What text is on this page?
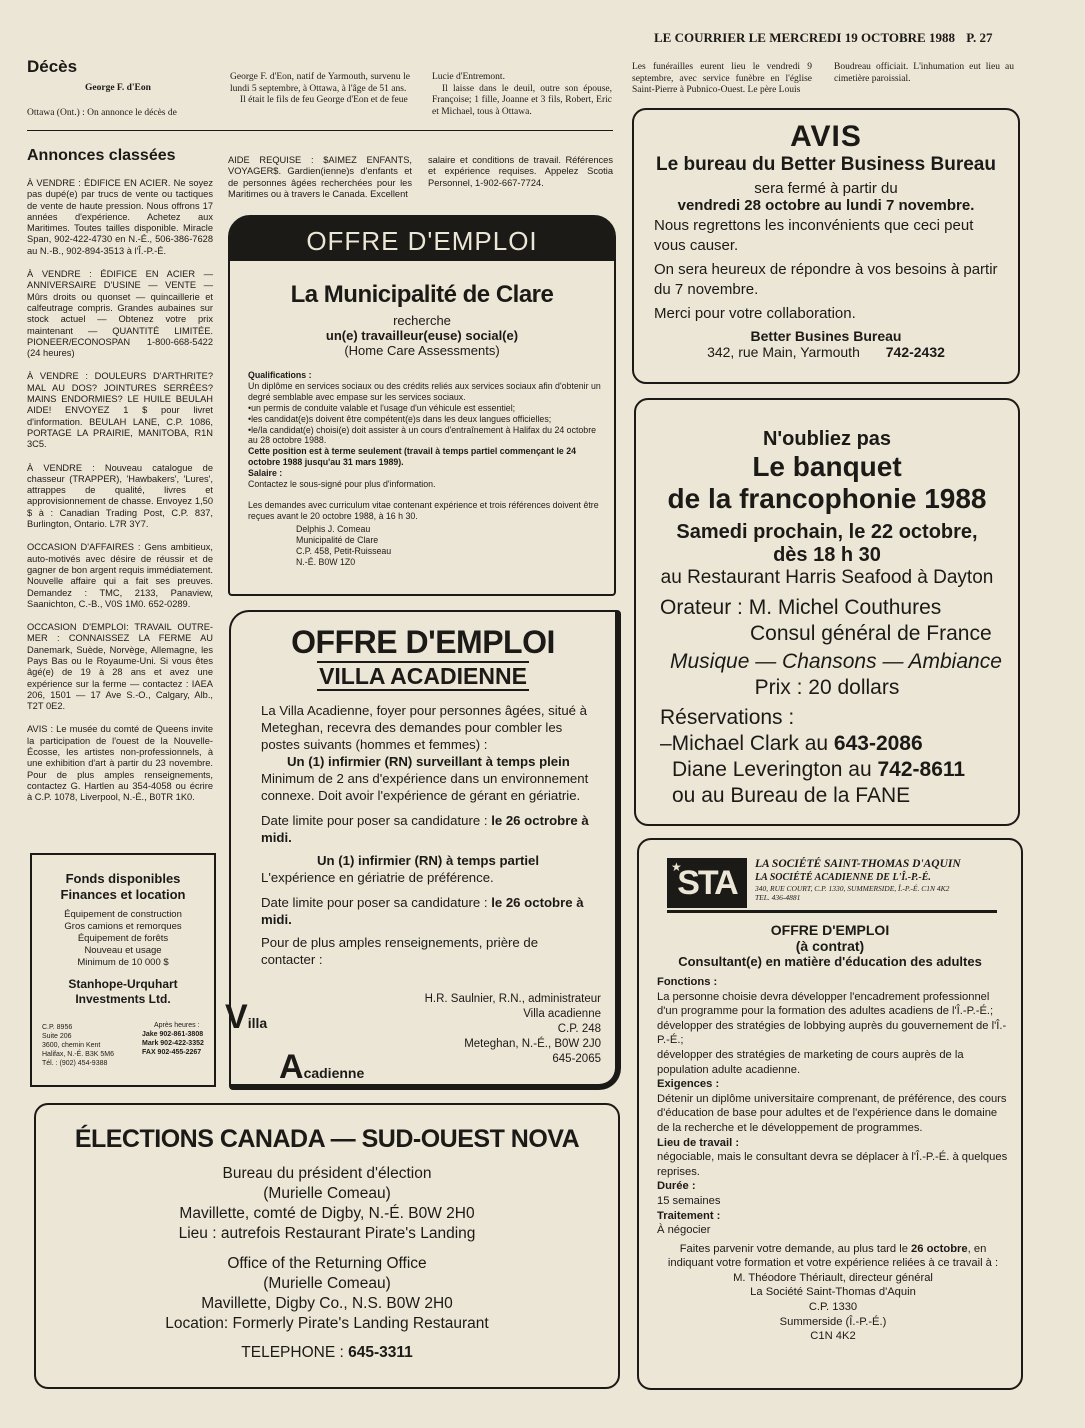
LE COURRIER LE MERCREDI 19 OCTOBRE 1988 P. 27
Décès
George F. d'Eon
Ottawa (Ont.) : On annonce le décès de

George F. d'Eon, natif de Yarmouth, survenu le lundi 5 septembre, à Ottawa, à l'âge de 51 ans.

Il était le fils de feu George d'Eon et de feue

Lucie d'Entremont.

Il laisse dans le deuil, outre son épouse, Françoise; 1 fille, Joanne et 3 fils, Robert, Eric et Michael, tous à Ottawa.

Les funérailles eurent lieu le vendredi 9 septembre, avec service funèbre en l'église Saint-Pierre à Pubnico-Ouest. Le père Louis
Boudreau officiait. L'inhumation eut lieu au cimetière paroissial.
Annonces classées

À VENDRE : ÉDIFICE EN ACIER. Ne soyez pas dupé(e) par trucs de vente ou tactiques de vente de haute pression. Nous offrons 17 années d'expérience. Achetez aux Maritimes. Toutes tailles disponible. Miracle Span, 902-422-4730 en N.-É., 506-386-7628 au N.-B., 902-894-3513 à l'Î.-P.-É.

À VENDRE : ÉDIFICE EN ACIER — ANNIVERSAIRE D'USINE — VENTE — Mûrs droits ou quonset — quincaillerie et calfeutrage compris. Grandes aubaines sur stock actuel — Obtenez votre prix maintenant — QUANTITÉ LIMITÉE. PIONEER/ECONOSPAN 1-800-668-5422 (24 heures)

À VENDRE : DOULEURS D'ARTHRITE? MAL AU DOS? JOINTURES SERRÉES? MAINS ENDORMIES? LE HUILE BEULAH AIDE! ENVOYEZ 1 $ pour livret d'information. BEULAH LANE, C.P. 1086, PORTAGE LA PRAIRIE, MANITOBA, R1N 3C5.

À VENDRE : Nouveau catalogue de chasseur (TRAPPER), 'Hawbakers', 'Lures', attrappes de qualité, livres et approvisionnement de chasse. Envoyez 1,50 $ à : Canadian Trading Post, C.P. 837, Burlington, Ontario. L7R 3Y7.

OCCASION D'AFFAIRES : Gens ambitieux, auto-motivés avec désire de réussir et de gagner de bon argent requis immédiatement. Nouvelle affaire qui a fait ses preuves. Demandez : TMC, 2133, Panaview, Saanichton, C.-B., V0S 1M0. 652-0289.

OCCASION D'EMPLOI: TRAVAIL OUTRE-MER : CONNAISSEZ LA FERME AU Danemark, Suède, Norvège, Allemagne, les Pays Bas ou le Royaume-Uni. Si vous êtes âgé(e) de 19 à 28 ans et avez une expérience sur la ferme — contactez : IAEA 206, 1501 — 17 Ave S.-O., Calgary, Alb., T2T 0E2.

AVIS : Le musée du comté de Queens invite la participation de l'ouest de la Nouvelle-Écosse, les artistes non-professionnels, à une exhibition d'art à partir du 23 novembre. Pour de plus amples renseignements, contactez G. Hartlen au 354-4058 ou écrire à C.P. 1078, Liverpool, N.-É., B0TR 1K0.

AIDE REQUISE : $AIMEZ ENFANTS, VOYAGER$. Gardien(ienne)s d'enfants et de personnes âgées recherchées pour les Maritimes ou à travers le Canada. Excellent
salaire et conditions de travail. Références et expérience requises. Appelez Scotia Personnel, 1-902-667-7724.
Fonds disponibles
Finances et location
Équipement de construction
Gros camions et remorques
Équipement de forêts
Nouveau et usage
Minimum de 10 000 $
Stanhope-Urquhart
Investments Ltd.
C.P. 8956
Suite 206
3600, chemin Kent
Halifax, N.-É. B3K 5M6
Tél. : (902) 454-9388
Après heures :
Jake 902-861-3808
Mark 902-422-3352
FAX 902-455-2267
OFFRE D'EMPLOI
La Municipalité de Clare
recherche
un(e) travailleur(euse) social(e)
(Home Care Assessments)
Qualifications :
Un diplôme en services sociaux ou des crédits reliés aux services sociaux afin d'obtenir un degré semblable avec empase sur les services sociaux.
•un permis de conduite valable et l'usage d'un véhicule est essentiel;
•les candidat(e)s doivent être compétent(e)s dans les deux langues officielles;
•le/la candidat(e) choisi(e) doit assister à un cours d'entraînement à Halifax du 24 octobre au 28 octobre 1988.
Cette position est à terme seulement (travail à temps partiel commençant le 24 octobre 1988 jusqu'au 31 mars 1989).
Salaire :
Contactez le sous-signé pour plus d'information.
Les demandes avec curriculum vitae contenant expérience et trois références doivent être reçues avant le 20 octobre 1988, à 16 h 30.
Delphis J. Comeau
Municipalité de Clare
C.P. 458, Petit-Ruisseau
N.-É. B0W 1Z0
OFFRE D'EMPLOI
VILLA ACADIENNE
La Villa Acadienne, foyer pour personnes âgées, situé à Meteghan, recevra des demandes pour combler les postes suivants (hommes et femmes) :
Un (1) infirmier (RN) surveillant à temps plein
Minimum de 2 ans d'expérience dans un environnement connexe. Doit avoir l'expérience de gérant en gériatrie.
Date limite pour poser sa candidature : le 26 octrobre à midi.
Un (1) infirmier (RN) à temps partiel
L'expérience en gériatrie de préférence.
Date limite pour poser sa candidature : le 26 octobre à midi.
Pour de plus amples renseignements, prière de contacter :
H.R. Saulnier, R.N., administrateur
Villa acadienne
C.P. 248
Meteghan, N.-É., B0W 2J0
645-2065
Villa
Acadienne
ÉLECTIONS CANADA — SUD-OUEST NOVA
Bureau du président d'élection
(Murielle Comeau)
Mavillette, comté de Digby, N.-É. B0W 2H0
Lieu : autrefois Restaurant Pirate's Landing
Office of the Returning Office
(Murielle Comeau)
Mavillette, Digby Co., N.S. B0W 2H0
Location: Formerly Pirate's Landing Restaurant
TELEPHONE : 645-3311
AVIS
Le bureau du Better Business Bureau
sera fermé à partir du
vendredi 28 octobre au lundi 7 novembre.
Nous regrettons les inconvénients que ceci peut vous causer.
On sera heureux de répondre à vos besoins à partir du 7 novembre.
Merci pour votre collaboration.
Better Busines Bureau
342, rue Main, Yarmouth 742-2432
N'oubliez pas
Le banquet
de la francophonie 1988
Samedi prochain, le 22 octobre,
dès 18 h 30
au Restaurant Harris Seafood à Dayton
Orateur : M. Michel Couthures
Consul général de France
Musique — Chansons — Ambiance
Prix : 20 dollars
Réservations :
–Michael Clark au 643-2086
Diane Leverington au 742-8611
ou au Bureau de la FANE
STA
★	LA SOCIÉTÉ SAINT-THOMAS D'AQUIN
LA SOCIÉTÉ ACADIENNE DE L'Î.-P.-É.
340, RUE COURT, C.P. 1330, SUMMERSIDE, Î.-P.-É. C1N 4K2
TEL. 436-4881
OFFRE D'EMPLOI
(à contrat)
Consultant(e) en matière d'éducation des adultes
Fonctions :
La personne choisie devra développer l'encadrement professionnel d'un programme pour la formation des adultes acadiens de l'Î.-P.-É.;
développer des stratégies de lobbying auprès du gouvernement de l'Î.-P.-É.;
développer des stratégies de marketing de cours auprès de la population adulte acadienne.
Exigences :
Détenir un diplôme universitaire comprenant, de préférence, des cours d'éducation de base pour adultes et de l'expérience dans le domaine de la recherche et le développement de programmes.
Lieu de travail :
négociable, mais le consultant devra se déplacer à l'Î.-P.-É. à quelques reprises.
Durée :
15 semaines
Traitement :
À négocier
Faites parvenir votre demande, au plus tard le 26 octobre, en indiquant votre formation et votre expérience reliées à ce travail à :
M. Théodore Thériault, directeur général
La Société Saint-Thomas d'Aquin
C.P. 1330
Summerside (Î.-P.-É.)
C1N 4K2
